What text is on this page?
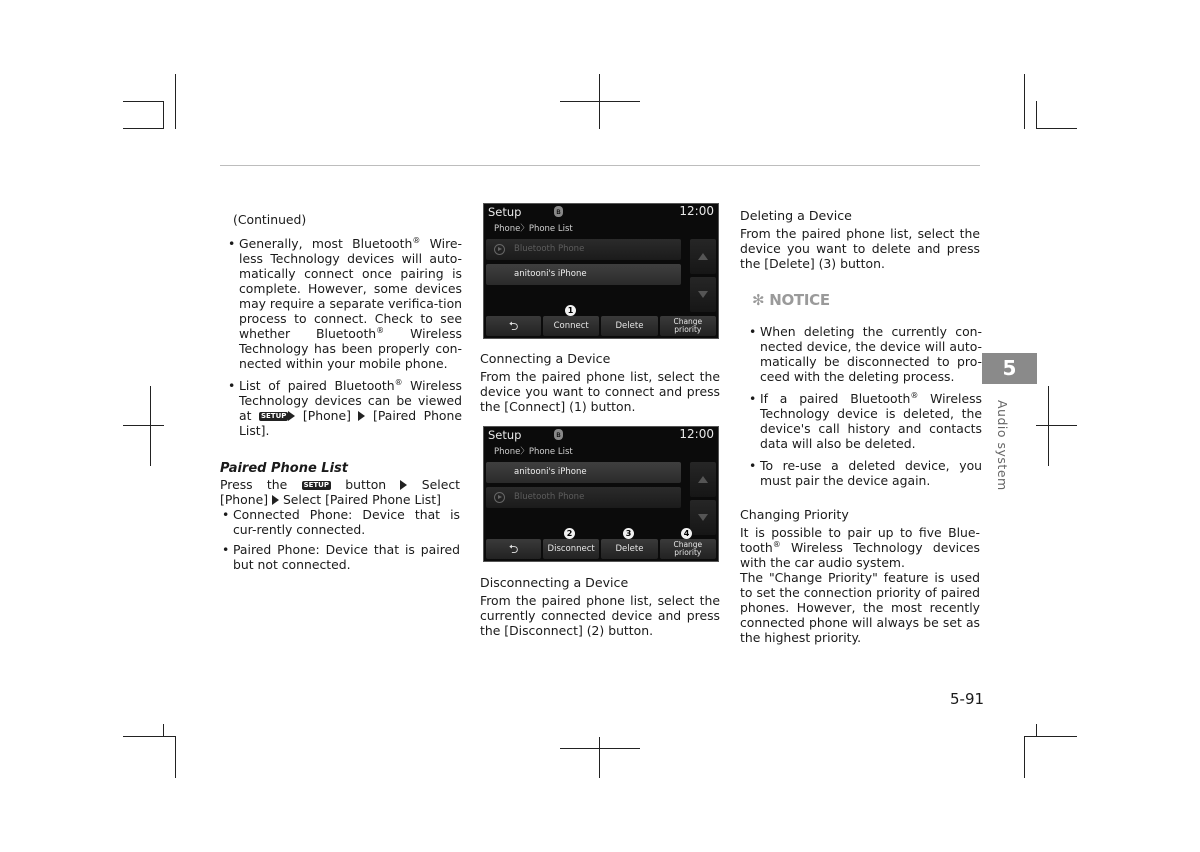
(Continued)

• Generally, most Bluetooth® Wire-less Technology devices will auto-matically connect once pairing is complete. However, some devices may require a separate verifica-tion process to connect. Check to see whether Bluetooth® Wireless Technology has been properly con-nected within your mobile phone.

• List of paired Bluetooth® Wireless Technology devices can be viewed at SETUP [Phone]  [Paired Phone List].

Paired Phone List

Press the SETUP button  Select [Phone]  Select [Paired Phone List]

• Connected Phone: Device that is cur-rently connected.

• Paired Phone: Device that is paired but not connected.

Setup	ʙ	12:00
Phone〉Phone List
Bluetooth Phone
anitooni's iPhone
1
⮌	Connect	Delete	Change
priority

Connecting a Device

From the paired phone list, select the device you want to connect and press the [Connect] (1) button.

Setup	ʙ	12:00
Phone〉Phone List
anitooni's iPhone
Bluetooth Phone
2	3	4
⮌	Disconnect	Delete	Change
priority

Disconnecting a Device

From the paired phone list, select the currently connected device and press the [Disconnect] (2) button.

Deleting a Device

From the paired phone list, select the device you want to delete and press the [Delete] (3) button.

✻ NOTICE

• When deleting the currently con-nected device, the device will auto-matically be disconnected to pro-ceed with the deleting process.

• If a paired Bluetooth® Wireless Technology device is deleted, the device's call history and contacts data will also be deleted.

• To re-use a deleted device, you must pair the device again.

Changing Priority

It is possible to pair up to five Blue-tooth® Wireless Technology devices with the car audio system.

The "Change Priority" feature is used to set the connection priority of paired phones. However, the most recently connected phone will always be set as the highest priority.

5
Audio system
5-91
